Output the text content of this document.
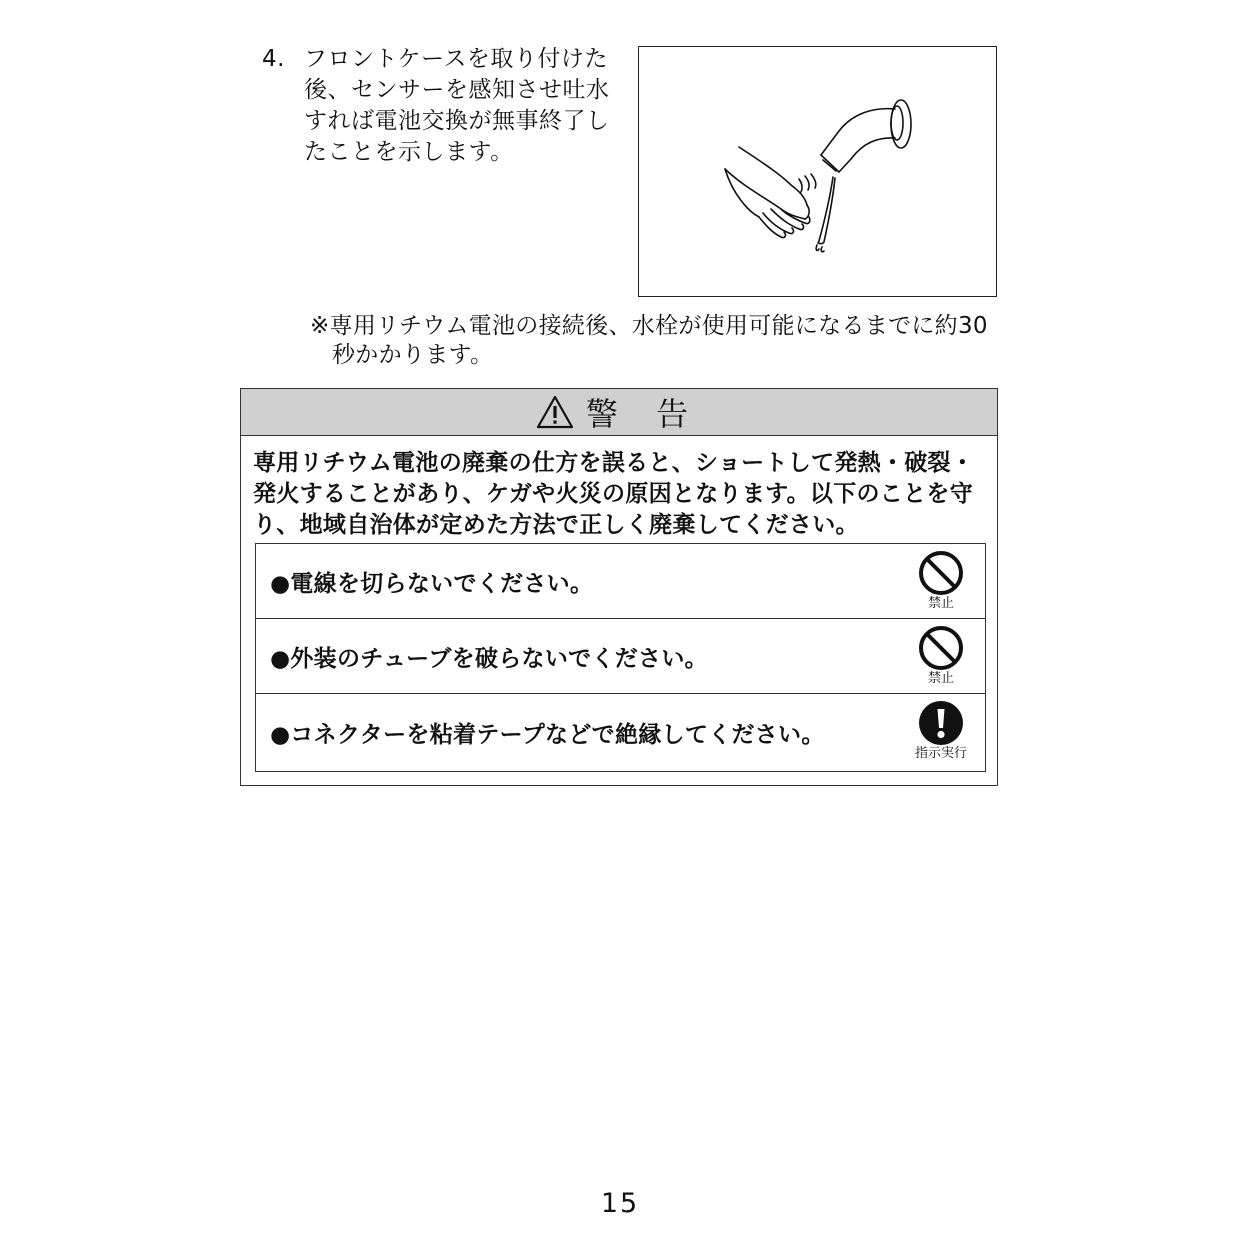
4. フロントケースを取り付けた
後、センサーを感知させ吐水
すれば電池交換が無事終了し
たことを示します。
※専用リチウム電池の接続後、水栓が使用可能になるまでに約30
秒かかります。
警 告
専用リチウム電池の廃棄の仕方を誤ると、ショートして発熱・破裂・
発火することがあり、ケガや火災の原因となります。以下のことを守
り、地域自治体が定めた方法で正しく廃棄してください。
●電線を切らないでください。
禁止
●外装のチューブを破らないでください。
禁止
●コネクターを粘着テープなどで絶縁してください。
指示実行
15
